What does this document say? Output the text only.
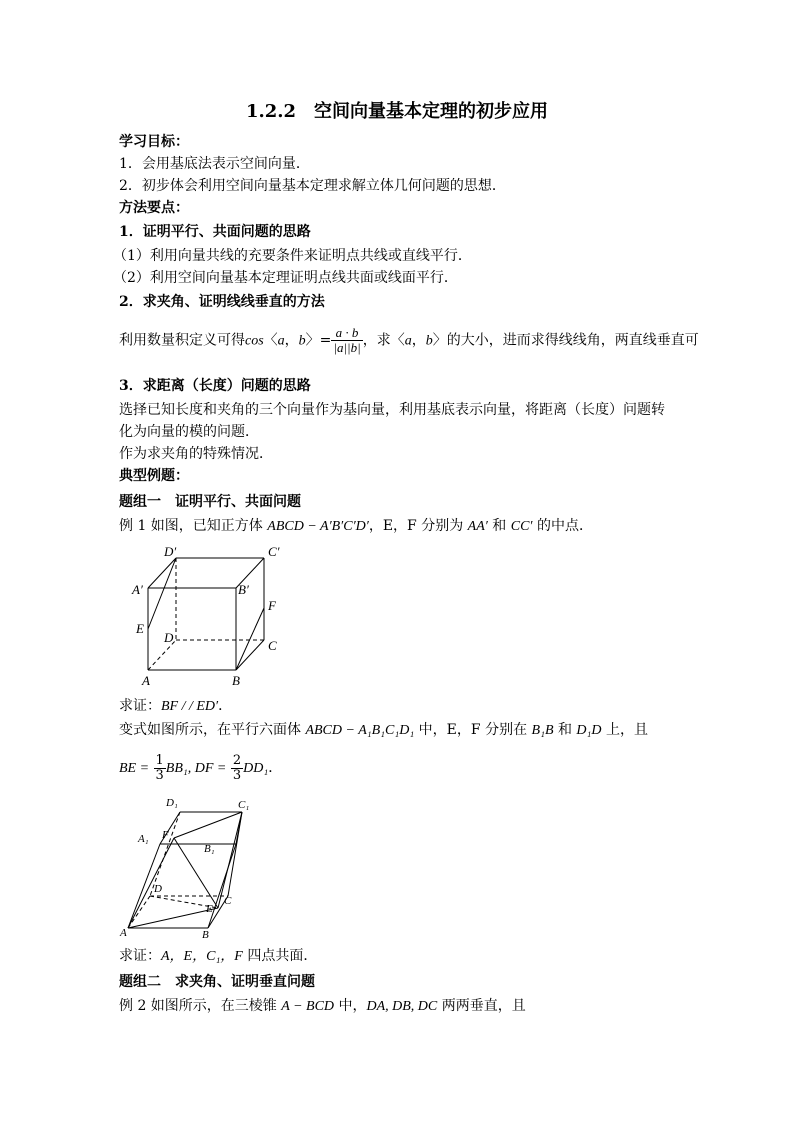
1.2.2　空间向量基本定理的初步应用
学习目标：
1．会用基底法表示空间向量．
2．初步体会利用空间向量基本定理求解立体几何问题的思想．
方法要点：
1．证明平行、共面问题的思路
（1）利用向量共线的充要条件来证明点共线或直线平行．
（2）利用空间向量基本定理证明点线共面或线面平行．
2．求夹角、证明线线垂直的方法
利用数量积定义可得cos〈a，b〉= $\frac{a \cdot b}{|a||b|}$ ，求〈a，b〉的大小，进而求得线线角，两直线垂直可
3．求距离（长度）问题的思路
选择已知长度和夹角的三个向量作为基向量，利用基底表示向量，将距离（长度）问题转
化为向量的模的问题．
作为求夹角的特殊情况．
典型例题：
题组一　证明平行、共面问题
例 1 如图，已知正方体 ABCD − A′B′C′D′，E，F 分别为 AA′ 和 CC′ 的中点．
D′	C′
A′	B′
F
E
D
C
A	B
求证：BF / / ED′．
变式如图所示，在平行六面体 ABCD − A₁B₁C₁D₁ 中，E，F 分别在 B₁B 和 D₁D 上，且
BE = $\frac{1}{3} BB_1$, DF = $\frac{2}{3} DD_1$．
D₁	C₁
A₁
B₁
F
E
D
C
A	B
求证：A，E，C₁，F 四点共面．
题组二　求夹角、证明垂直问题
例 2 如图所示，在三棱锥 A − BCD 中，DA, DB, DC 两两垂直，且
